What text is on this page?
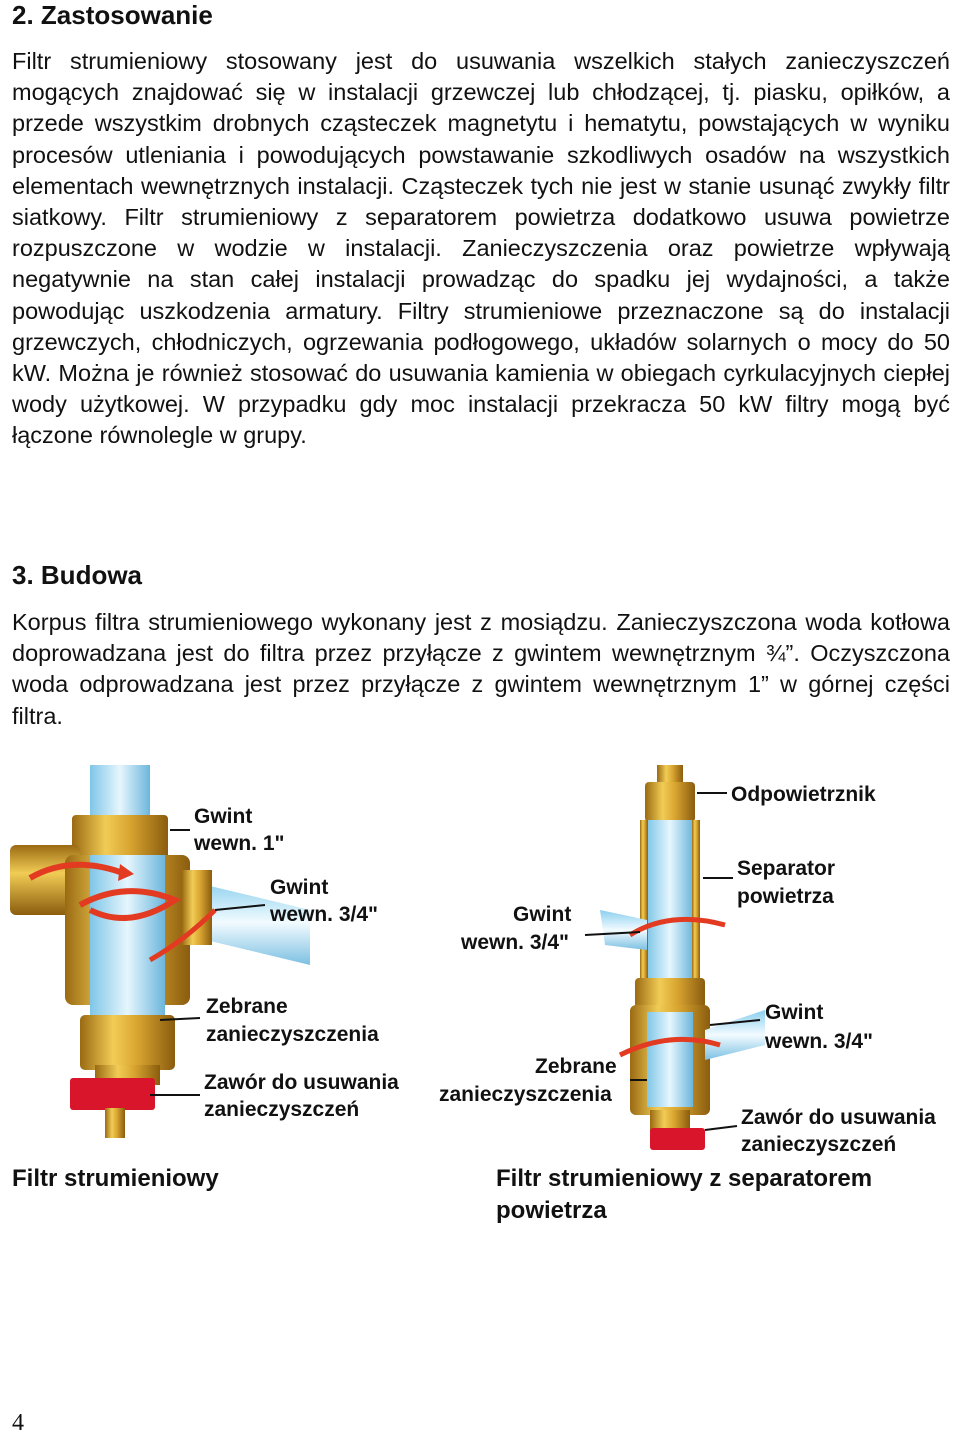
2. Zastosowanie

Filtr strumieniowy stosowany jest do usuwania wszelkich stałych zanieczyszczeń mogących znajdować się w instalacji grzewczej lub chłodzącej, tj. piasku, opiłków, a przede wszystkim drobnych cząsteczek magnetytu i hematytu, powstających w wyniku procesów utleniania i powodujących powstawanie szkodliwych osadów na wszystkich elementach wewnętrznych instalacji. Cząsteczek tych nie jest w stanie usunąć zwykły filtr siatkowy. Filtr strumieniowy z separatorem powietrza dodatkowo usuwa powietrze rozpuszczone w wodzie w instalacji. Zanieczyszczenia oraz powietrze wpływają negatywnie na stan całej instalacji prowadząc do spadku jej wydajności, a także powodując uszkodzenia armatury. Filtry strumieniowe przeznaczone są do instalacji grzewczych, chłodniczych, ogrzewania podłogowego, układów solarnych o mocy do 50 kW. Można je również stosować do usuwania kamienia w obiegach cyrkulacyjnych ciepłej wody użytkowej. W przypadku gdy moc instalacji przekracza 50 kW filtry mogą być łączone równolegle w grupy.

3. Budowa

Korpus filtra strumieniowego wykonany jest z mosiądzu. Zanieczyszczona woda kotłowa doprowadzana jest do filtra przez przyłącze z gwintem wewnętrznym ¾”. Oczyszczona woda odprowadzana jest przez przyłącze z gwintem wewnętrznym 1” w górnej części filtra.

Gwint
wewn. 1"
Gwint
wewn. 3/4"
Zebrane
zanieczyszczenia
Zawór do usuwania
zanieczyszczeń
Odpowietrznik
Separator
powietrza
Gwint
wewn. 3/4"
Gwint
wewn. 3/4"
Zebrane
zanieczyszczenia
Zawór do usuwania
zanieczyszczeń

Filtr strumieniowy	Filtr strumieniowy z separatorem
powietrza

4
